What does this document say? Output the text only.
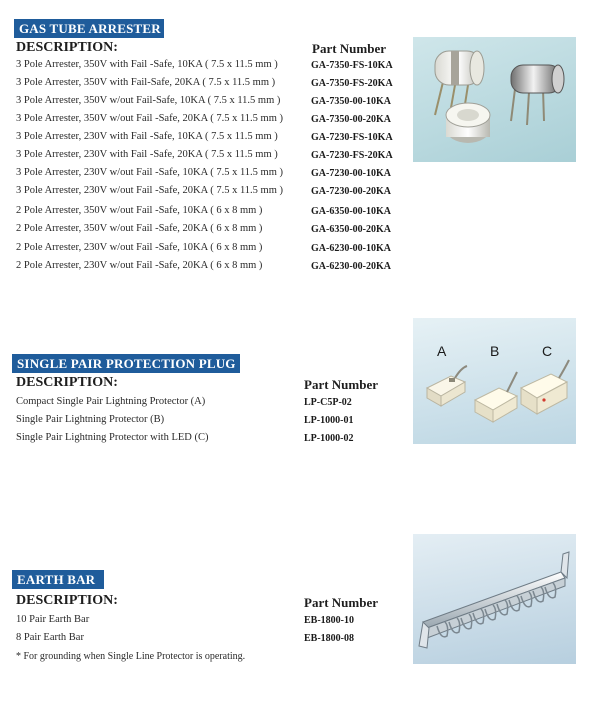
GAS TUBE ARRESTER
DESCRIPTION:	Part Number
3 Pole Arrester, 350V with Fail -Safe, 10KA ( 7.5 x 11.5 mm )	GA-7350-FS-10KA
3 Pole Arrester, 350V with Fail-Safe, 20KA ( 7.5 x 11.5 mm )	GA-7350-FS-20KA
3 Pole Arrester, 350V w/out Fail-Safe, 10KA ( 7.5 x 11.5 mm )	GA-7350-00-10KA
3 Pole Arrester, 350V w/out Fail -Safe, 20KA ( 7.5 x 11.5 mm )	GA-7350-00-20KA
3 Pole Arrester, 230V with Fail -Safe, 10KA ( 7.5 x 11.5 mm )	GA-7230-FS-10KA
3 Pole Arrester, 230V with Fail -Safe, 20KA ( 7.5 x 11.5 mm )	GA-7230-FS-20KA
3 Pole Arrester, 230V w/out Fail -Safe, 10KA ( 7.5 x 11.5 mm )	GA-7230-00-10KA
3 Pole Arrester, 230V w/out Fail -Safe, 20KA ( 7.5 x 11.5 mm )	GA-7230-00-20KA
2 Pole Arrester, 350V w/out Fail -Safe, 10KA ( 6 x 8 mm )	GA-6350-00-10KA
2 Pole Arrester, 350V w/out Fail -Safe, 20KA ( 6 x 8 mm )	GA-6350-00-20KA
2 Pole Arrester, 230V w/out Fail -Safe, 10KA ( 6 x 8 mm )	GA-6230-00-10KA
2 Pole Arrester, 230V w/out Fail -Safe, 20KA ( 6 x 8 mm )	GA-6230-00-20KA
A	B	C
SINGLE PAIR PROTECTION PLUG
DESCRIPTION:	Part Number
Compact Single Pair Lightning Protector (A)	LP-C5P-02
Single Pair Lightning Protector (B)	LP-1000-01
Single Pair Lightning Protector with LED (C)	LP-1000-02
EARTH BAR
DESCRIPTION:	Part Number
10 Pair Earth Bar	EB-1800-10
8 Pair Earth Bar	EB-1800-08
* For grounding when Single Line Protector is operating.
